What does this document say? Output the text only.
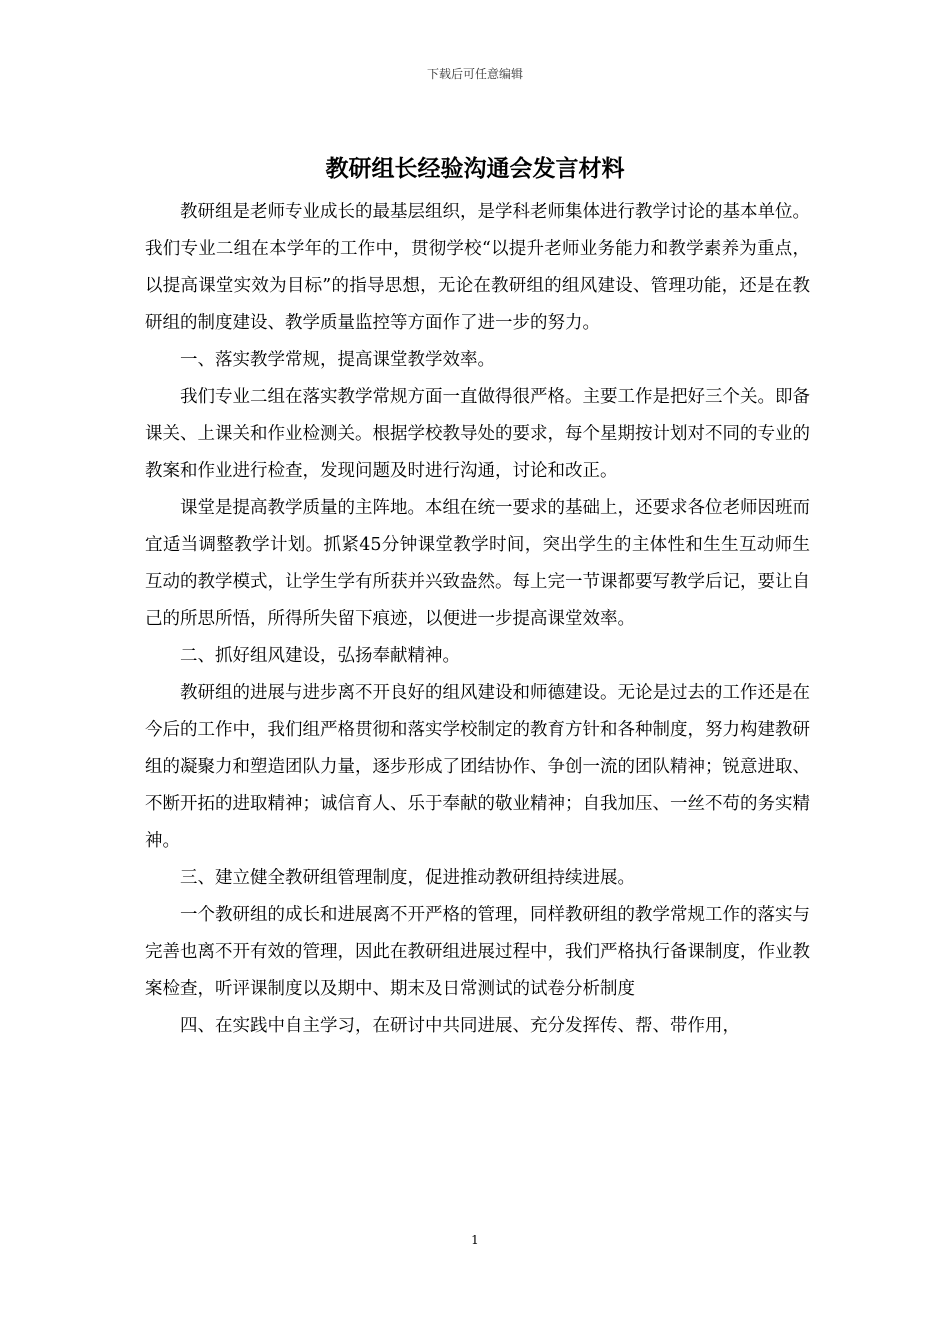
下载后可任意编辑
教研组长经验沟通会发言材料

教研组是老师专业成长的最基层组织，是学科老师集体进行教学讨论的基本单位。我们专业二组在本学年的工作中，贯彻学校“以提升老师业务能力和教学素养为重点，以提高课堂实效为目标”的指导思想，无论在教研组的组风建设、管理功能，还是在教研组的制度建设、教学质量监控等方面作了进一步的努力。

一、落实教学常规，提高课堂教学效率。

我们专业二组在落实教学常规方面一直做得很严格。主要工作是把好三个关。即备课关、上课关和作业检测关。根据学校教导处的要求，每个星期按计划对不同的专业的教案和作业进行检查，发现问题及时进行沟通，讨论和改正。

课堂是提高教学质量的主阵地。本组在统一要求的基础上，还要求各位老师因班而宜适当调整教学计划。抓紧45分钟课堂教学时间，突出学生的主体性和生生互动师生互动的教学模式，让学生学有所获并兴致盎然。每上完一节课都要写教学后记，要让自己的所思所悟，所得所失留下痕迹，以便进一步提高课堂效率。

二、抓好组风建设，弘扬奉献精神。

教研组的进展与进步离不开良好的组风建设和师德建设。无论是过去的工作还是在今后的工作中，我们组严格贯彻和落实学校制定的教育方针和各种制度，努力构建教研组的凝聚力和塑造团队力量，逐步形成了团结协作、争创一流的团队精神；锐意进取、不断开拓的进取精神；诚信育人、乐于奉献的敬业精神；自我加压、一丝不苟的务实精神。

三、建立健全教研组管理制度，促进推动教研组持续进展。

一个教研组的成长和进展离不开严格的管理，同样教研组的教学常规工作的落实与完善也离不开有效的管理，因此在教研组进展过程中，我们严格执行备课制度，作业教案检查，听评课制度以及期中、期末及日常测试的试卷分析制度

四、在实践中自主学习，在研讨中共同进展、充分发挥传、帮、带作用，

1
